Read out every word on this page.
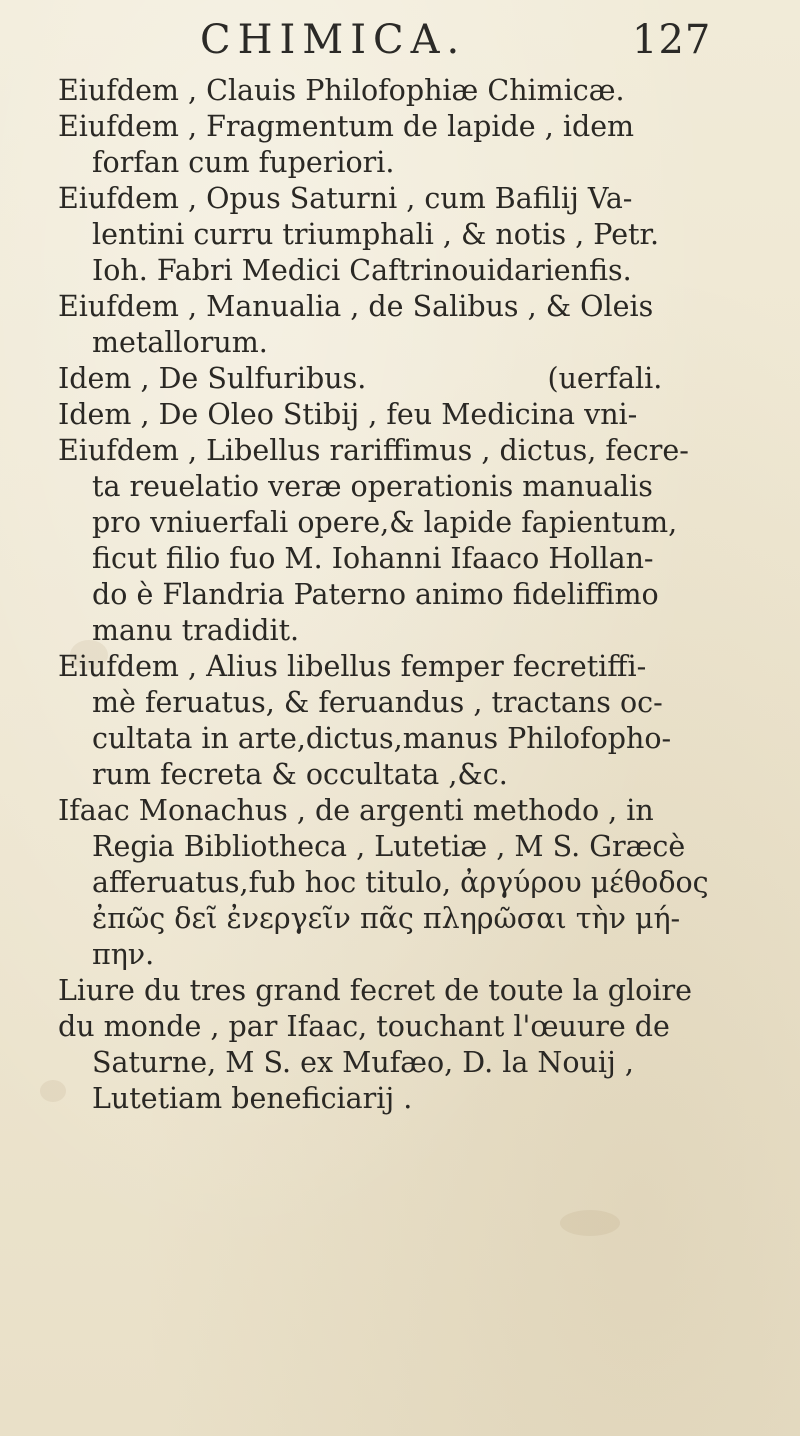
CHIMICA.	127
Eiufdem , Clauis Philofophiæ Chimicæ.
Eiufdem , Fragmentum de lapide , idem
forfan cum fuperiori.
Eiufdem , Opus Saturni , cum Bafilij Va-
lentini curru triumphali , & notis , Petr.
Ioh. Fabri Medici Caftrinouidarienfis.
Eiufdem , Manualia , de Salibus , & Oleis
metallorum.
Idem , De Sulfuribus.                    (uerfali.
Idem , De Oleo Stibij , feu Medicina vni-
Eiufdem , Libellus rariffimus , dictus, fecre-
ta reuelatio veræ operationis manualis
pro vniuerfali opere,& lapide fapientum,
ficut filio fuo M. Iohanni Ifaaco Hollan-
do è Flandria Paterno animo fideliffimo
manu tradidit.
Eiufdem , Alius libellus femper fecretiffi-
mè feruatus, & feruandus , tractans oc-
cultata in arte,dictus,manus Philofopho-
rum fecreta & occultata ,&c.
Ifaac Monachus , de argenti methodo , in
Regia Bibliotheca , Lutetiæ , M S. Græcè
afferuatus,fub hoc titulo, ἀργύρου μέθοδος
ἐπῶς δεῖ ἐνεργεῖν πᾶς πληρῶσαι τὴν μή-
πην.
Liure du tres grand fecret de toute la gloire
du monde , par Ifaac, touchant l'œuure de
Saturne, M S. ex Mufæo, D. la Nouij ,
Lutetiam beneficiarij .
